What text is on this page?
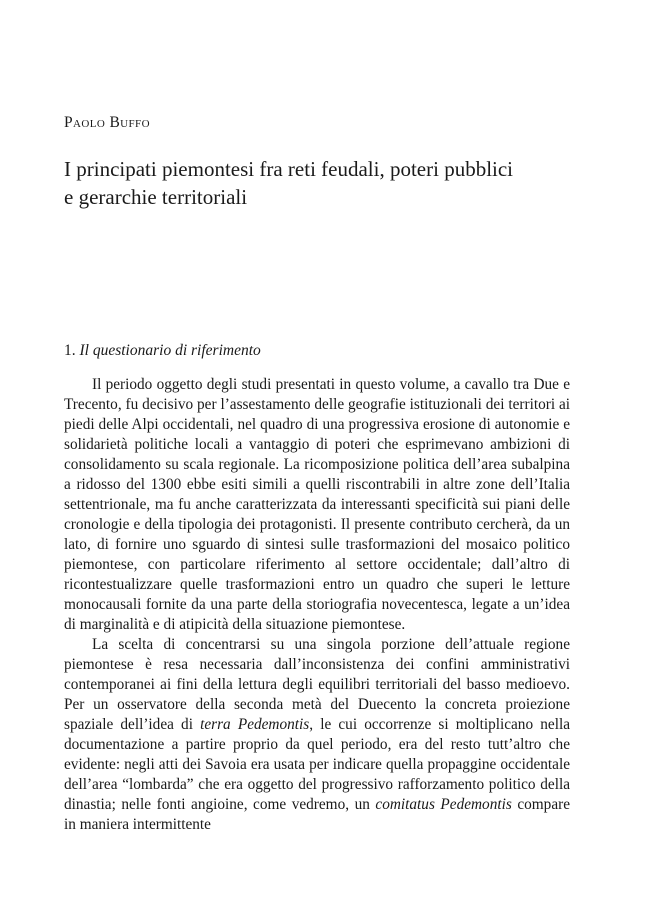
Paolo Buffo
I principati piemontesi fra reti feudali, poteri pubblici
e gerarchie territoriali
1. Il questionario di riferimento

Il periodo oggetto degli studi presentati in questo volume, a cavallo tra Due e Trecento, fu decisivo per l’assestamento delle geografie istituzionali dei territori ai piedi delle Alpi occidentali, nel quadro di una progressiva erosione di autonomie e solidarietà politiche locali a vantaggio di poteri che esprimevano ambizioni di consolidamento su scala regionale. La ricomposizione politica dell’area subalpina a ridosso del 1300 ebbe esiti simili a quelli riscontrabili in altre zone dell’Italia settentrionale, ma fu anche caratterizzata da interessanti specificità sui piani delle cronologie e della tipologia dei protagonisti. Il presente contributo cercherà, da un lato, di fornire uno sguardo di sintesi sulle trasformazioni del mosaico politico piemontese, con particolare riferimento al settore occidentale; dall’altro di ricontestualizzare quelle trasformazioni entro un quadro che superi le letture monocausali fornite da una parte della storiografia novecentesca, legate a un’idea di marginalità e di atipicità della situazione piemontese.

La scelta di concentrarsi su una singola porzione dell’attuale regione piemontese è resa necessaria dall’inconsistenza dei confini amministrativi contemporanei ai fini della lettura degli equilibri territoriali del basso medioevo. Per un osservatore della seconda metà del Duecento la concreta proiezione spaziale dell’idea di terra Pedemontis, le cui occorrenze si moltiplicano nella documentazione a partire proprio da quel periodo, era del resto tutt’altro che evidente: negli atti dei Savoia era usata per indicare quella propaggine occidentale dell’area “lombarda” che era oggetto del progressivo rafforzamento politico della dinastia; nelle fonti angioine, come vedremo, un comitatus Pedemontis compare in maniera intermittente
